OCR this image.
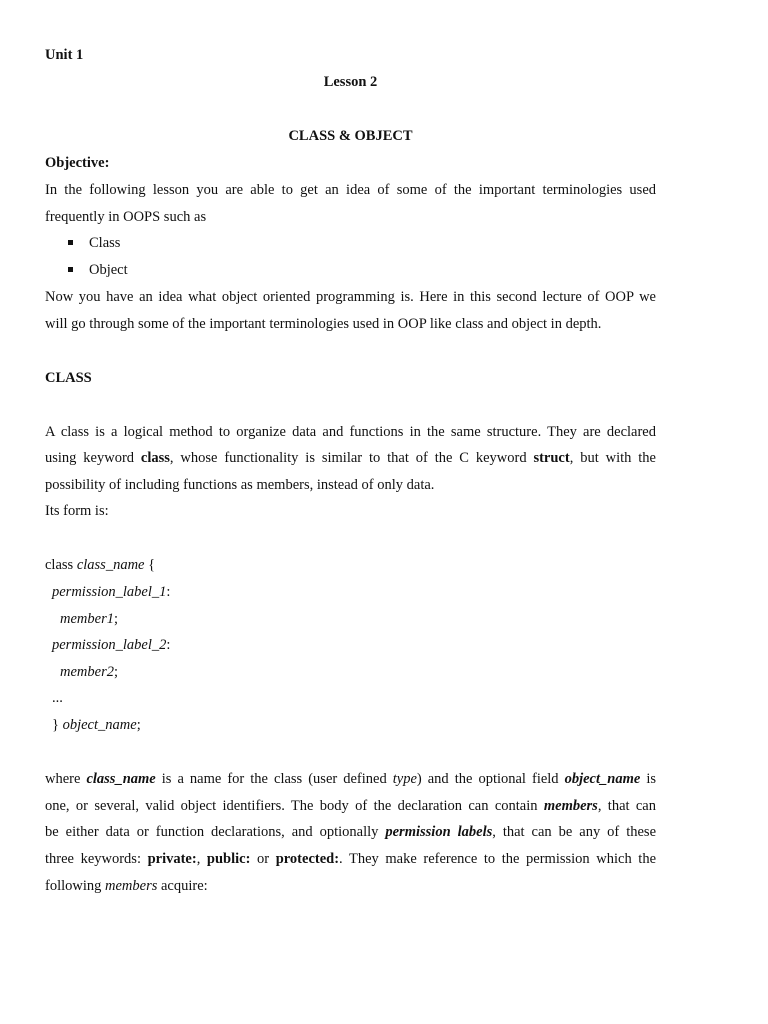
Unit 1
Lesson 2
CLASS & OBJECT
Objective:
In the following lesson you are able to get an idea of some of the important terminologies used
frequently in OOPS such as
Class
Object
Now you have an idea what object oriented programming is. Here in this second lecture of OOP we
will go through some of the important terminologies used in OOP like class and object in depth.
CLASS
A class is a logical method to organize data and functions in the same structure. They are declared
using keyword class, whose functionality is similar to that of the C keyword struct, but with the
possibility of including functions as members, instead of only data.
Its form is:
class class_name {
permission_label_1:
member1;
permission_label_2:
member2;
...
} object_name;
where class_name is a name for the class (user defined type) and the optional field object_name is
one, or several, valid object identifiers. The body of the declaration can contain members, that can
be either data or function declarations, and optionally permission labels, that can be any of these
three keywords: private:, public: or protected:. They make reference to the permission which the
following members acquire:
